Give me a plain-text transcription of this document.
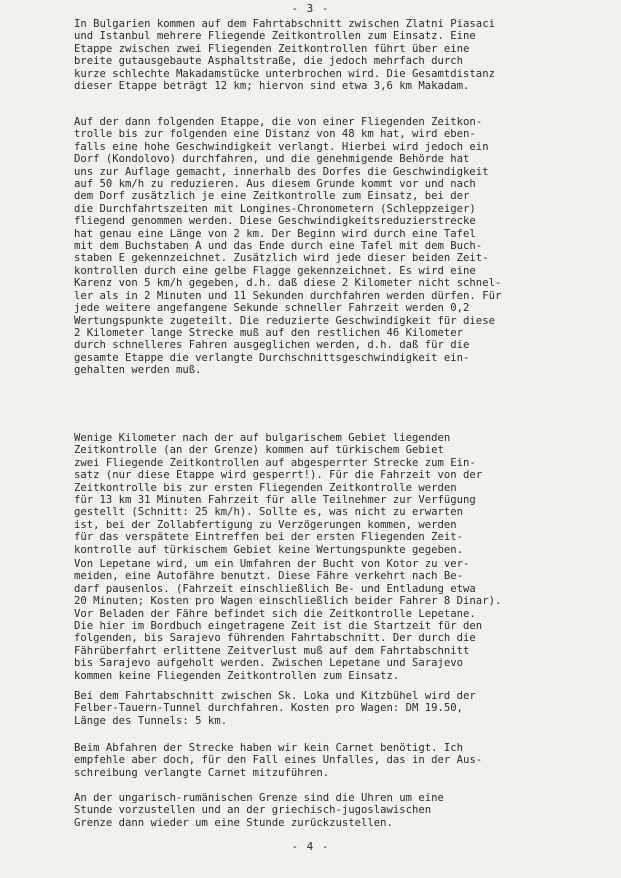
- 3 -
In Bulgarien kommen auf dem Fahrtabschnitt zwischen Zlatni Piasaci
und Istanbul mehrere Fliegende Zeitkontrollen zum Einsatz. Eine
Etappe zwischen zwei Fliegenden Zeitkontrollen führt über eine
breite gutausgebaute Asphaltstraße, die jedoch mehrfach durch
kurze schlechte Makadamstücke unterbrochen wird. Die Gesamtdistanz
dieser Etappe beträgt 12 km; hiervon sind etwa 3,6 km Makadam.
Auf der dann folgenden Etappe, die von einer Fliegenden Zeitkon-
trolle bis zur folgenden eine Distanz von 48 km hat, wird eben-
falls eine hohe Geschwindigkeit verlangt. Hierbei wird jedoch ein
Dorf (Kondolovo) durchfahren, und die genehmigende Behörde hat
uns zur Auflage gemacht, innerhalb des Dorfes die Geschwindigkeit
auf 50 km/h zu reduzieren. Aus diesem Grunde kommt vor und nach
dem Dorf zusätzlich je eine Zeitkontrolle zum Einsatz, bei der
die Durchfahrtszeiten mit Longines-Chronometern (Schleppzeiger)
fliegend genommen werden. Diese Geschwindigkeitsreduzierstrecke
hat genau eine Länge von 2 km. Der Beginn wird durch eine Tafel
mit dem Buchstaben A und das Ende durch eine Tafel mit dem Buch-
staben E gekennzeichnet. Zusätzlich wird jede dieser beiden Zeit-
kontrollen durch eine gelbe Flagge gekennzeichnet. Es wird eine
Karenz von 5 km/h gegeben, d.h. daß diese 2 Kilometer nicht schnel-
ler als in 2 Minuten und 11 Sekunden durchfahren werden dürfen. Für
jede weitere angefangene Sekunde schneller Fahrzeit werden 0,2
Wertungspunkte zugeteilt. Die reduzierte Geschwindigkeit für diese
2 Kilometer lange Strecke muß auf den restlichen 46 Kilometer
durch schnelleres Fahren ausgeglichen werden, d.h. daß für die
gesamte Etappe die verlangte Durchschnittsgeschwindigkeit ein-
gehalten werden muß.
Wenige Kilometer nach der auf bulgarischem Gebiet liegenden
Zeitkontrolle (an der Grenze) kommen auf türkischem Gebiet
zwei Fliegende Zeitkontrollen auf abgesperrter Strecke zum Ein-
satz (nur diese Etappe wird gesperrt!). Für die Fahrzeit von der
Zeitkontrolle bis zur ersten Fliegenden Zeitkontrolle werden
für 13 km 31 Minuten Fahrzeit für alle Teilnehmer zur Verfügung
gestellt (Schnitt: 25 km/h). Sollte es, was nicht zu erwarten
ist, bei der Zollabfertigung zu Verzögerungen kommen, werden
für das verspätete Eintreffen bei der ersten Fliegenden Zeit-
kontrolle auf türkischem Gebiet keine Wertungspunkte gegeben.
Von Lepetane wird, um ein Umfahren der Bucht von Kotor zu ver-
meiden, eine Autofähre benutzt. Diese Fähre verkehrt nach Be-
darf pausenlos. (Fahrzeit einschließlich Be- und Entladung etwa
20 Minuten; Kosten pro Wagen einschließlich beider Fahrer 8 Dinar).
Vor Beladen der Fähre befindet sich die Zeitkontrolle Lepetane.
Die hier im Bordbuch eingetragene Zeit ist die Startzeit für den
folgenden, bis Sarajevo führenden Fahrtabschnitt. Der durch die
Fährüberfahrt erlittene Zeitverlust muß auf dem Fahrtabschnitt
bis Sarajevo aufgeholt werden. Zwischen Lepetane und Sarajevo
kommen keine Fliegenden Zeitkontrollen zum Einsatz.
Bei dem Fahrtabschnitt zwischen Sk. Loka und Kitzbühel wird der
Felber-Tauern-Tunnel durchfahren. Kosten pro Wagen: DM 19.50,
Länge des Tunnels: 5 km.
Beim Abfahren der Strecke haben wir kein Carnet benötigt. Ich
empfehle aber doch, für den Fall eines Unfalles, das in der Aus-
schreibung verlangte Carnet mitzuführen.
An der ungarisch-rumänischen Grenze sind die Uhren um eine
Stunde vorzustellen und an der griechisch-jugoslawischen
Grenze dann wieder um eine Stunde zurückzustellen.
- 4 -
